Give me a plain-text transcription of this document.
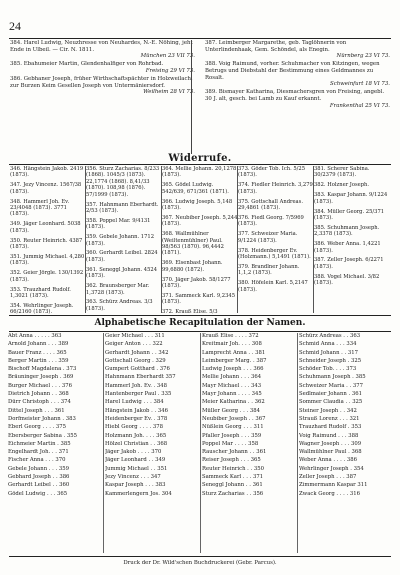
24

384. Harel Ludwig, Neuzhresse von Neuhardes, N.-E. Nöhing, jeht Ende in Ulbeil. — Cir. N. 1811.
München 23 VII 73.

385. Ebahumeier Martin, Glendenhalfiger von Rohrbad.
Freising 29 VI 73.

386. Gebhaner Joseph, früher Wirthschaftspächter in Holzweilach, zur Burzen Keim Gesellen Joseph von Untermäniersdorf.
Weilheim 28 VI 73.

387. Leimberger Margarethe, geb. Taglöhnerin von Unterlindenhaak, Gem. Schöndel, als Enegin.
Nürnberg 23 VI 73.

388. Voig Raimund, vorher. Schuhmacher von Kitzingen, wegen Betrugs und Diebstahl der Bestimmung eines Geldmannes zu Rosalt.
Schweinfurt 18 VI 73.

389. Bismayer Katharina, Diesmachersgren von Freising, angebl. 30 J. alt, gesch. bei Lamb zu Kauf erkannt.
Frankenthal 25 VI 73.

Widerrufe.

346. Hängstein Jakob. 2419 (1873).

347. Jezy Vincenz. 1567/38 (1873).

348. Hammerl Joh. Ev. 23/4048 (1873). 3771 (1873).

349. Jäger Leonhard. 5038 (1873).

350. Reuter Heinrich. 4387 (1873).

351. Jummig Michael. 4,280 (1873).

352. Geier Jörgle. 130/1392 (1873).

353. Trauzhard Rudolf. 1,3021 (1873).

354. Wehrlinger Joseph. 66/2160 (1873).

356. Sturz Zacharias. 8/233 (1868). 1045/3 (1873). 22,1774 (1868). 8,41/33 (1870). 108,98 (1876). 57/1999 (1873).

357. Hahnmann Eberhardt. 2/53 (1873).

358. Poppel Mar. 9/4131 (1873).

359. Gebele Johann. 1712 (1873).

360. Gerhardt Leibel. 2824 (1873).

361. Seneggl Johann. 4524 (1873).

362. Braunsberger Mar. 1,3728 (1873).

363. Schürz Andreas. 3/3 (1873).

364. Mellie Johann. 20,1278 (1873).

365. Gödel Ludwig. 542/639, 671/361 (1871).

366. Ludwig Joseph. 5,148 (1873).

367. Neubiber Joseph. 5,244 (1873).

368. Wallmühlner (Weiltenmühlner) Paul. 98/563 (1870). 96,4442 (1871).

369. Elsenbast Johann. 99,6880 (1872).

370. Jäger Jakob. 58/1277 (1873).

371. Sammeck Karl. 9,2345 (1873).

372. Krauß Elise. 5/3

373. Göder Tob. Ich. 5/25 (1873).

374. Fiedler Heinrich. 3,279 (1873).

375. Gottschall Andreas. 29,4861 (1873).

376. Fiedl Georg. 7/5969 (1873).

377. Schweizer Maria. 9/1224 (1873).

378. Heidenberger Ev. (Holzmann.) 5,1491 (1871).

379. Brandlner Johann. 1,1,2 (1873).

380. Höfelein Karl. 5,2147 (1873).

381. Scherer Sabina. 30/2379 (1873).

382. Holzner Joseph.

383. Kaspar Johann. 9/1224 (1873).

384. Müller Georg. 25/371 (1873).

385. Schuhmann Joseph. 2,3378 (1873).

386. Weber Anna. 1,4221 (1873).

387. Zeller Joseph. 6/2271 (1873).

388. Vogel Michael. 3/82 (1873).

Alphabetische Recapitulation der Namen.
Abt Anna . . . . . 363
Arnold Johann . . . 389
Bauer Franz . . . . 365
Berger Martin . . . 359
Bischoff Magdalena . 373
Bräuninger Joseph . 369
Burger Michael . . . 376
Dietrich Johann . . 368
Dürr Christoph . . . 374
Dittel Joseph . . . 361
Dorfmeister Johann . 383
Eberl Georg . . . . 375
Ebersberger Sabina . 355
Eichmeier Martin . 385
Engelhardt Joh. . . 371
Fischer Anna . . . 370
Gebele Johann . . . 359
Gebhard Joseph . . 386
Gerhardt Leibel . . 360
Gödel Ludwig . . . 365
Geier Michael . . . 311
Geiger Anton . . . 322
Gerhardt Johann . . 342
Gottschall Georg . 329
Gumpert Gotthard . 376
Hahnmann Eberhardt 357
Hammerl Joh. Ev. . 348
Hantenberger Paul . 335
Harel Ludwig . . . 384
Hängstein Jakob . . 346
Heidenberger Ev. . 378
Hiebl Georg . . . . 378
Holzmann Joh. . . . 365
Hölzel Christian . . 368
Jäger Jakob . . . . 370
Jäger Leonhard . . 349
Jummig Michael . . 351
Jezy Vincenz . . . 347
Kaspar Joseph . . . 383
Kammerlengern Jos. 304
Krauß Elise . . . . 372
Kreitmair Joh. . . . 308
Lamprecht Anna . . 381
Leimberger Marg. . 387
Ludwig Joseph . . . 366
Mellie Johann . . . 364
Mayr Michael . . . 343
Mayr Johann . . . . 345
Meier Katharina . . 362
Müller Georg . . . 384
Neubiber Joseph . . 367
Nüßlein Georg . . . 311
Pfaller Joseph . . . 359
Poppel Mar . . . . 358
Rauscher Johann . . 361
Reiser Joseph . . . 365
Reuter Heinrich . . 350
Sammeck Karl . . . 371
Seneggl Johann . . 361
Sturz Zacharias . . 356
Schürz Andreas . . 363
Schmid Anna . . . 334
Schmid Johann . . 317
Schneider Joseph . 325
Schöder Tob. . . . 373
Schuhmann Joseph . 385
Schweizer Maria . . 377
Sedlmaier Johann . 361
Sommer Claudia . . 325
Steiner Joseph . . 342
Strauß Lorenz . . . 321
Trauzhard Rudolf . 353
Voig Raimund . . . 388
Wagner Joseph . . . 309
Wallmühlner Paul . 368
Weber Anna . . . . 386
Wehrlinger Joseph . 354
Zeller Joseph . . . 387
Zimmermann Kaspar 311
Zwack Georg . . . . 316
Druck der Dr. Wild'schen Buchdruckerei (Gebr. Parcus).
